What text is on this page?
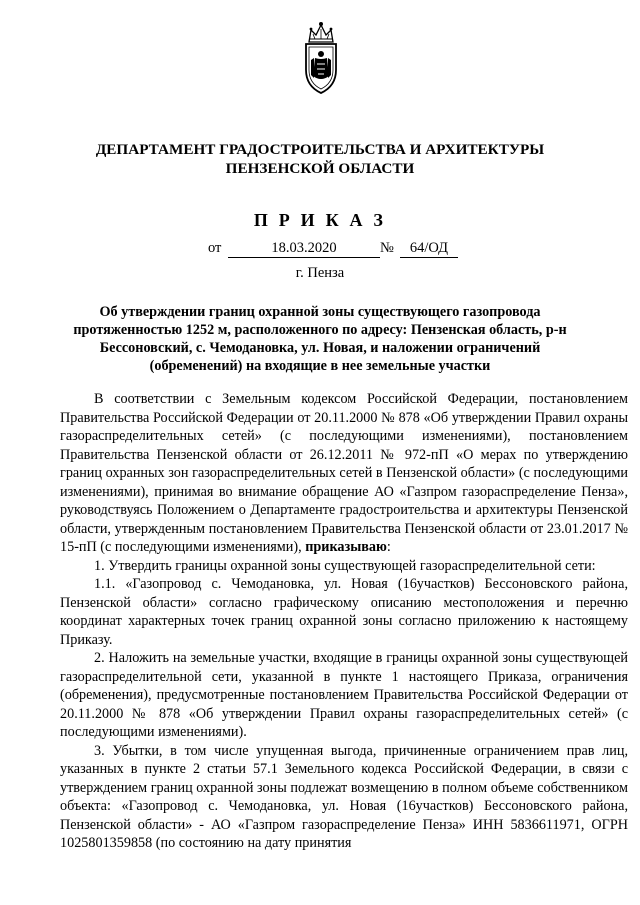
ДЕПАРТАМЕНТ ГРАДОСТРОИТЕЛЬСТВА И АРХИТЕКТУРЫ
ПЕНЗЕНСКОЙ ОБЛАСТИ
П Р И К А З
от	18.03.2020	№	64/ОД
г. Пенза
Об утверждении границ охранной зоны существующего газопровода протяженностью 1252 м, расположенного по адресу: Пензенская область, р-н Бессоновский, с. Чемодановка, ул. Новая, и наложении ограничений (обременений) на входящие в нее земельные участки

В соответствии с Земельным кодексом Российской Федерации, постановлением Правительства Российской Федерации от 20.11.2000 № 878 «Об утверждении Правил охраны газораспределительных сетей» (с последующими изменениями), постановлением Правительства Пензенской области от 26.12.2011 № 972-пП «О мерах по утверждению границ охранных зон газораспределительных сетей в Пензенской области» (с последующими изменениями), принимая во внимание обращение АО «Газпром газораспределение Пенза», руководствуясь Положением о Департаменте градостроительства и архитектуры Пензенской области, утвержденным постановлением Правительства Пензенской области от 23.01.2017 № 15-пП (с последующими изменениями), приказываю:

1. Утвердить границы охранной зоны существующей газораспределительной сети:

1.1. «Газопровод с. Чемодановка, ул. Новая (16участков) Бессоновского района, Пензенской области» согласно графическому описанию местоположения и перечню координат характерных точек границ охранной зоны согласно приложению к настоящему Приказу.

2. Наложить на земельные участки, входящие в границы охранной зоны существующей газораспределительной сети, указанной в пункте 1 настоящего Приказа, ограничения (обременения), предусмотренные постановлением Правительства Российской Федерации от 20.11.2000 № 878 «Об утверждении Правил охраны газораспределительных сетей» (с последующими изменениями).

3. Убытки, в том числе упущенная выгода, причиненные ограничением прав лиц, указанных в пункте 2 статьи 57.1 Земельного кодекса Российской Федерации, в связи с утверждением границ охранной зоны подлежат возмещению в полном объеме собственником объекта: «Газопровод с. Чемодановка, ул. Новая (16участков) Бессоновского района, Пензенской области» - АО «Газпром газораспределение Пенза» ИНН 5836611971, ОГРН 1025801359858 (по состоянию на дату принятия
